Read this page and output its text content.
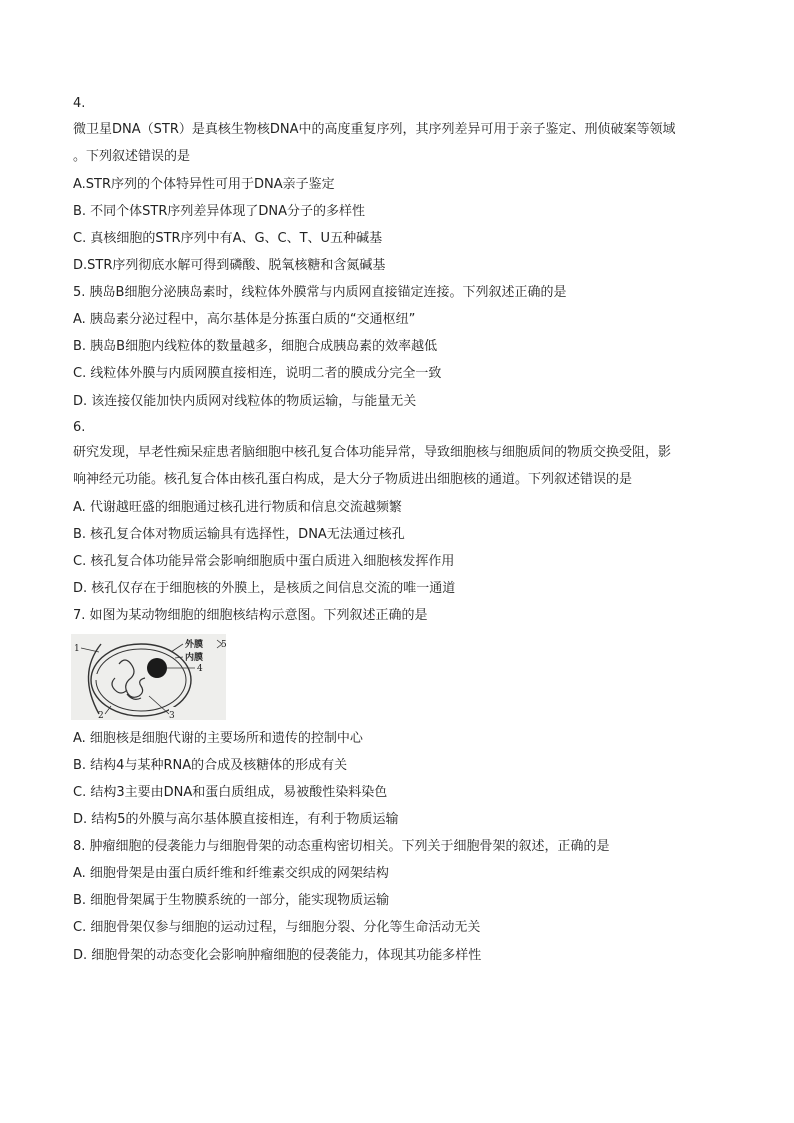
4.
微卫星DNA（STR）是真核生物核DNA中的高度重复序列，其序列差异可用于亲子鉴定、刑侦破案等领域
。下列叙述错误的是
A.STR序列的个体特异性可用于DNA亲子鉴定
B. 不同个体STR序列差异体现了DNA分子的多样性
C. 真核细胞的STR序列中有A、G、C、T、U五种碱基
D.STR序列彻底水解可得到磷酸、脱氧核糖和含氮碱基
5. 胰岛B细胞分泌胰岛素时，线粒体外膜常与内质网直接锚定连接。下列叙述正确的是
A. 胰岛素分泌过程中，高尔基体是分拣蛋白质的“交通枢纽”
B. 胰岛B细胞内线粒体的数量越多，细胞合成胰岛素的效率越低
C. 线粒体外膜与内质网膜直接相连，说明二者的膜成分完全一致
D. 该连接仅能加快内质网对线粒体的物质运输，与能量无关
6.
研究发现，早老性痴呆症患者脑细胞中核孔复合体功能异常，导致细胞核与细胞质间的物质交换受阻，影
响神经元功能。核孔复合体由核孔蛋白构成，是大分子物质进出细胞核的通道。下列叙述错误的是
A. 代谢越旺盛的细胞通过核孔进行物质和信息交流越频繁
B. 核孔复合体对物质运输具有选择性，DNA无法通过核孔
C. 核孔复合体功能异常会影响细胞质中蛋白质进入细胞核发挥作用
D. 核孔仅存在于细胞核的外膜上，是核质之间信息交流的唯一通道
7. 如图为某动物细胞的细胞核结构示意图。下列叙述正确的是
1
2	3
4
5
外膜
内膜
A. 细胞核是细胞代谢的主要场所和遗传的控制中心
B. 结构4与某种RNA的合成及核糖体的形成有关
C. 结构3主要由DNA和蛋白质组成，易被酸性染料染色
D. 结构5的外膜与高尔基体膜直接相连，有利于物质运输
8. 肿瘤细胞的侵袭能力与细胞骨架的动态重构密切相关。下列关于细胞骨架的叙述，正确的是
A. 细胞骨架是由蛋白质纤维和纤维素交织成的网架结构
B. 细胞骨架属于生物膜系统的一部分，能实现物质运输
C. 细胞骨架仅参与细胞的运动过程，与细胞分裂、分化等生命活动无关
D. 细胞骨架的动态变化会影响肿瘤细胞的侵袭能力，体现其功能多样性
